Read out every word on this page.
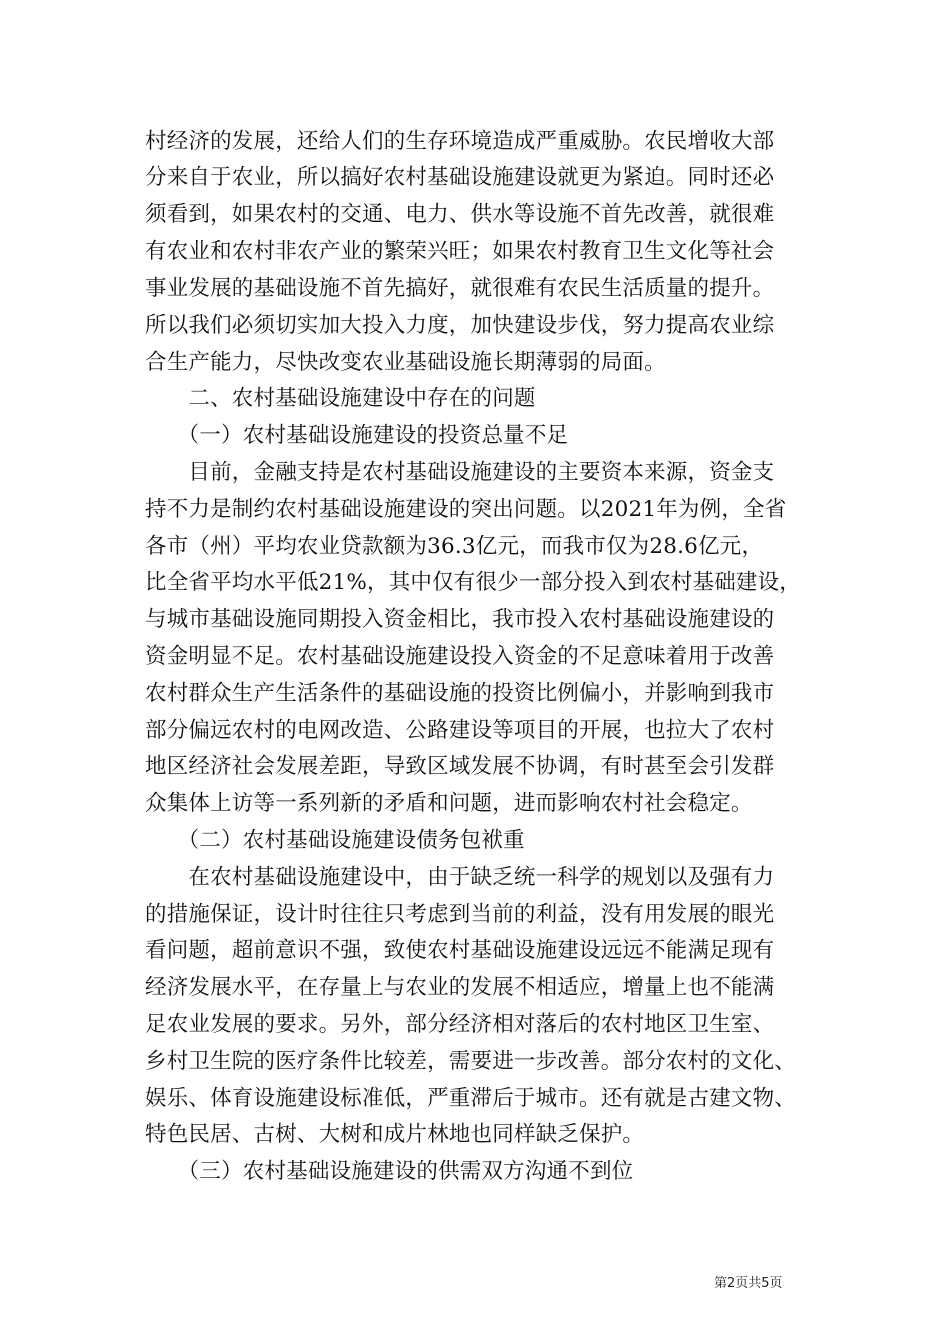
村经济的发展，还给人们的生存环境造成严重威胁。农民增收大部
分来自于农业，所以搞好农村基础设施建设就更为紧迫。同时还必
须看到，如果农村的交通、电力、供水等设施不首先改善，就很难
有农业和农村非农产业的繁荣兴旺；如果农村教育卫生文化等社会
事业发展的基础设施不首先搞好，就很难有农民生活质量的提升。
所以我们必须切实加大投入力度，加快建设步伐，努力提高农业综
合生产能力，尽快改变农业基础设施长期薄弱的局面。
　　二、农村基础设施建设中存在的问题
　　（一）农村基础设施建设的投资总量不足
　　目前，金融支持是农村基础设施建设的主要资本来源，资金支
持不力是制约农村基础设施建设的突出问题。以2021年为例，全省
各市（州）平均农业贷款额为36.3亿元，而我市仅为28.6亿元，
比全省平均水平低21%，其中仅有很少一部分投入到农村基础建设，
与城市基础设施同期投入资金相比，我市投入农村基础设施建设的
资金明显不足。农村基础设施建设投入资金的不足意味着用于改善
农村群众生产生活条件的基础设施的投资比例偏小，并影响到我市
部分偏远农村的电网改造、公路建设等项目的开展，也拉大了农村
地区经济社会发展差距，导致区域发展不协调，有时甚至会引发群
众集体上访等一系列新的矛盾和问题，进而影响农村社会稳定。
　　（二）农村基础设施建设债务包袱重
　　在农村基础设施建设中，由于缺乏统一科学的规划以及强有力
的措施保证，设计时往往只考虑到当前的利益，没有用发展的眼光
看问题，超前意识不强，致使农村基础设施建设远远不能满足现有
经济发展水平，在存量上与农业的发展不相适应，增量上也不能满
足农业发展的要求。另外，部分经济相对落后的农村地区卫生室、
乡村卫生院的医疗条件比较差，需要进一步改善。部分农村的文化、
娱乐、体育设施建设标准低，严重滞后于城市。还有就是古建文物、
特色民居、古树、大树和成片林地也同样缺乏保护。
　　（三）农村基础设施建设的供需双方沟通不到位
第2页共5页
